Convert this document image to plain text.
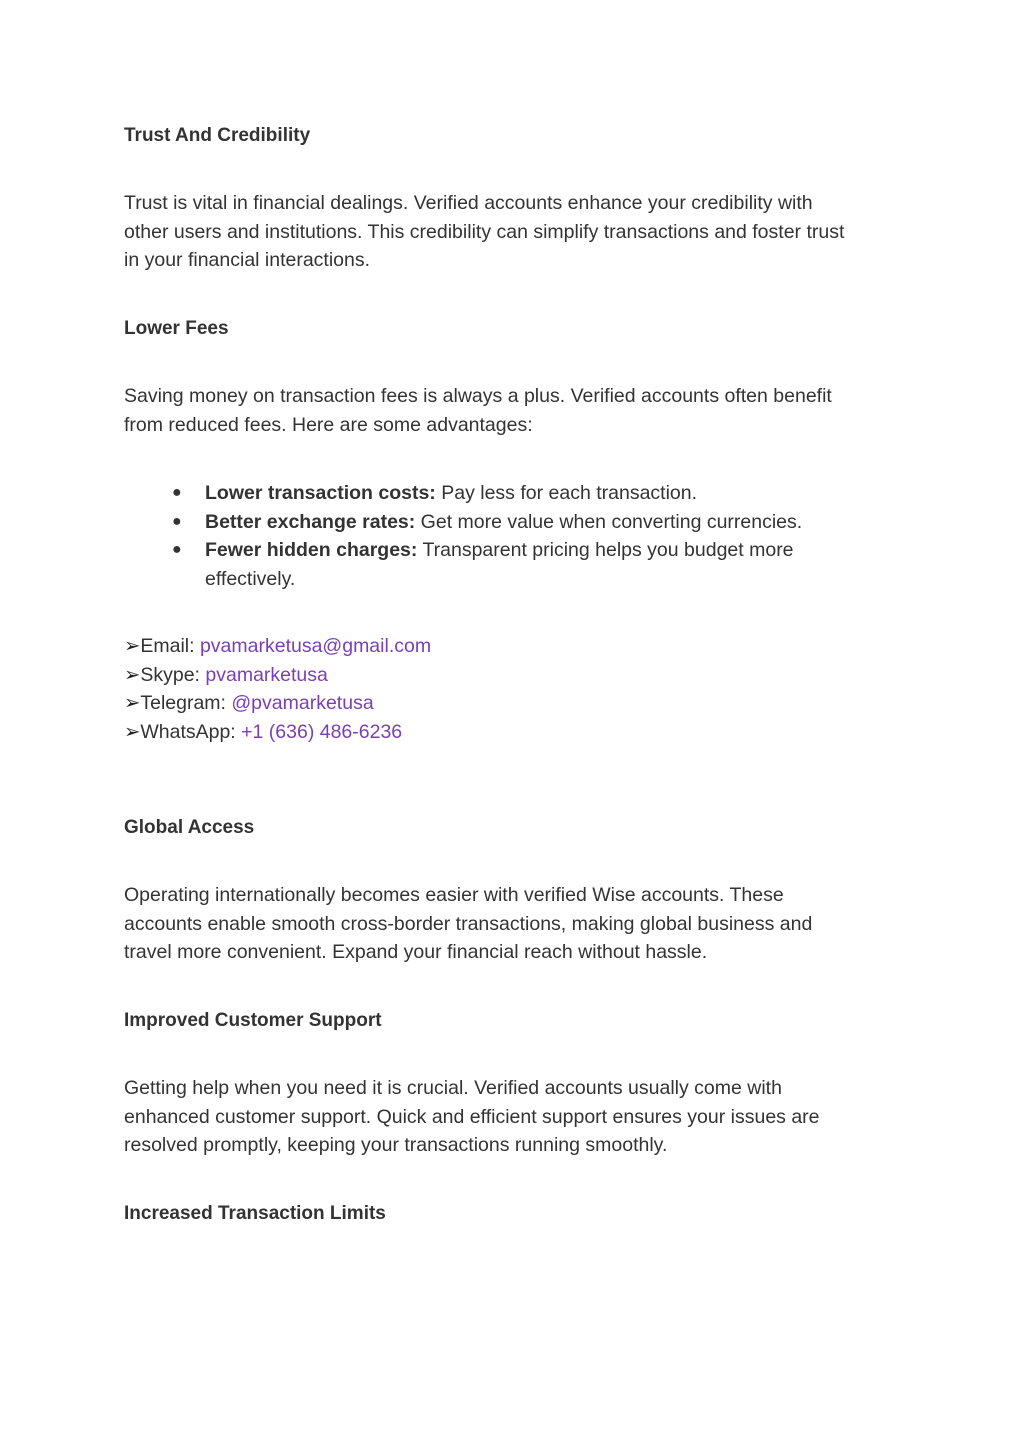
Trust And Credibility
Trust is vital in financial dealings. Verified accounts enhance your credibility with
other users and institutions. This credibility can simplify transactions and foster trust
in your financial interactions.
Lower Fees
Saving money on transaction fees is always a plus. Verified accounts often benefit
from reduced fees. Here are some advantages:
● Lower transaction costs: Pay less for each transaction.
● Better exchange rates: Get more value when converting currencies.
● Fewer hidden charges: Transparent pricing helps you budget more
effectively.
➢Email: pvamarketusa@gmail.com
➢Skype: pvamarketusa
➢Telegram: @pvamarketusa
➢WhatsApp: +1 (636) 486-6236
Global Access
Operating internationally becomes easier with verified Wise accounts. These
accounts enable smooth cross-border transactions, making global business and
travel more convenient. Expand your financial reach without hassle.
Improved Customer Support
Getting help when you need it is crucial. Verified accounts usually come with
enhanced customer support. Quick and efficient support ensures your issues are
resolved promptly, keeping your transactions running smoothly.
Increased Transaction Limits
